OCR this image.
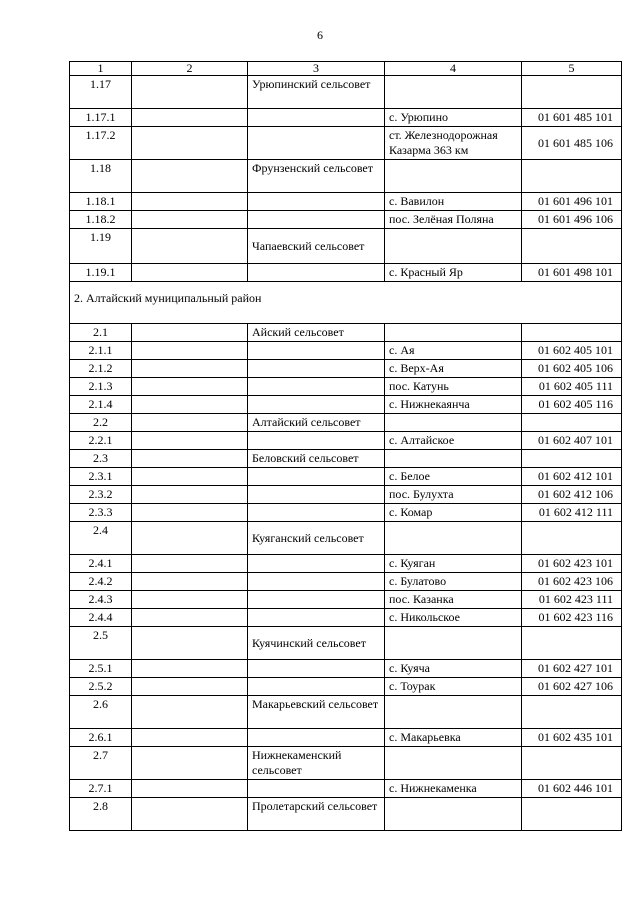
6
1	2	3	4	5
1.17		Урюпинский сельсовет		
1.17.1			с. Урюпино	01 601 485 101
1.17.2			ст. Железнодорожная Казарма 363 км	01 601 485 106
1.18		Фрунзенский сельсовет		
1.18.1			с. Вавилон	01 601 496 101
1.18.2			пос. Зелёная Поляна	01 601 496 106
1.19		Чапаевский сельсовет		
1.19.1			с. Красный Яр	01 601 498 101
2. Алтайский муниципальный район				
2.1		Айский сельсовет		
2.1.1			с. Ая	01 602 405 101
2.1.2			с. Верх-Ая	01 602 405 106
2.1.3			пос. Катунь	01 602 405 111
2.1.4			с. Нижнекаянча	01 602 405 116
2.2		Алтайский сельсовет		
2.2.1			с. Алтайское	01 602 407 101
2.3		Беловский сельсовет		
2.3.1			с. Белое	01 602 412 101
2.3.2			пос. Булухта	01 602 412 106
2.3.3			с. Комар	01 602 412 111
2.4		Куяганский сельсовет		
2.4.1			с. Куяган	01 602 423 101
2.4.2			с. Булатово	01 602 423 106
2.4.3			пос. Казанка	01 602 423 111
2.4.4			с. Никольское	01 602 423 116
2.5		Куячинский сельсовет		
2.5.1			с. Куяча	01 602 427 101
2.5.2			с. Тоурак	01 602 427 106
2.6		Макарьевский сельсовет		
2.6.1			с. Макарьевка	01 602 435 101
2.7		Нижнекаменский сельсовет		
2.7.1			с. Нижнекаменка	01 602 446 101
2.8		Пролетарский сельсовет		
